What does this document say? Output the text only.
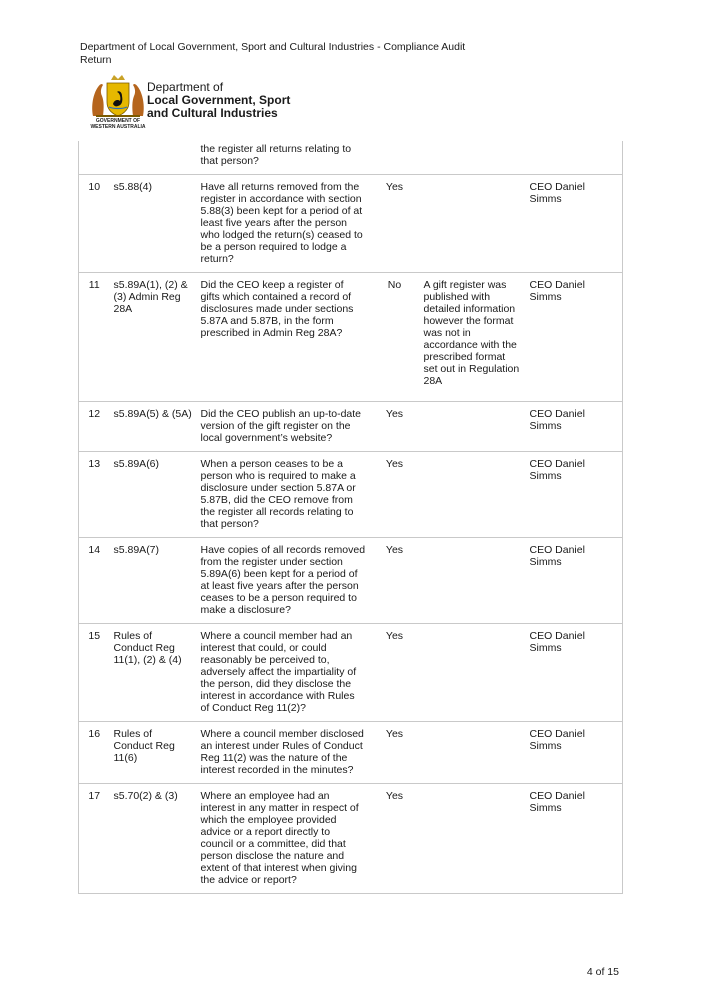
Department of Local Government, Sport and Cultural Industries - Compliance Audit
Return
GOVERNMENT OF
WESTERN AUSTRALIA
Department of
Local Government, Sport
and Cultural Industries
		the register all returns relating to that person?			
10	s5.88(4)	Have all returns removed from the register in accordance with section 5.88(3) been kept for a period of at least five years after the person who lodged the return(s) ceased to be a person required to lodge a return?	Yes		CEO Daniel Simms
11	s5.89A(1), (2) & (3) Admin Reg 28A	Did the CEO keep a register of gifts which contained a record of disclosures made under sections 5.87A and 5.87B, in the form prescribed in Admin Reg 28A?	No	A gift register was published with detailed information however the format was not in accordance with the prescribed format set out in Regulation 28A	CEO Daniel Simms
12	s5.89A(5) & (5A)	Did the CEO publish an up-to-date version of the gift register on the local government’s website?	Yes		CEO Daniel Simms
13	s5.89A(6)	When a person ceases to be a person who is required to make a disclosure under section 5.87A or 5.87B, did the CEO remove from the register all records relating to that person?	Yes		CEO Daniel Simms
14	s5.89A(7)	Have copies of all records removed from the register under section 5.89A(6) been kept for a period of at least five years after the person ceases to be a person required to make a disclosure?	Yes		CEO Daniel Simms
15	Rules of Conduct Reg 11(1), (2) & (4)	Where a council member had an interest that could, or could reasonably be perceived to, adversely affect the impartiality of the person, did they disclose the interest in accordance with Rules of Conduct Reg 11(2)?	Yes		CEO Daniel Simms
16	Rules of Conduct Reg 11(6)	Where a council member disclosed an interest under Rules of Conduct Reg 11(2) was the nature of the interest recorded in the minutes?	Yes		CEO Daniel Simms
17	s5.70(2) & (3)	Where an employee had an interest in any matter in respect of which the employee provided advice or a report directly to council or a committee, did that person disclose the nature and extent of that interest when giving the advice or report?	Yes		CEO Daniel Simms
4 of 15
